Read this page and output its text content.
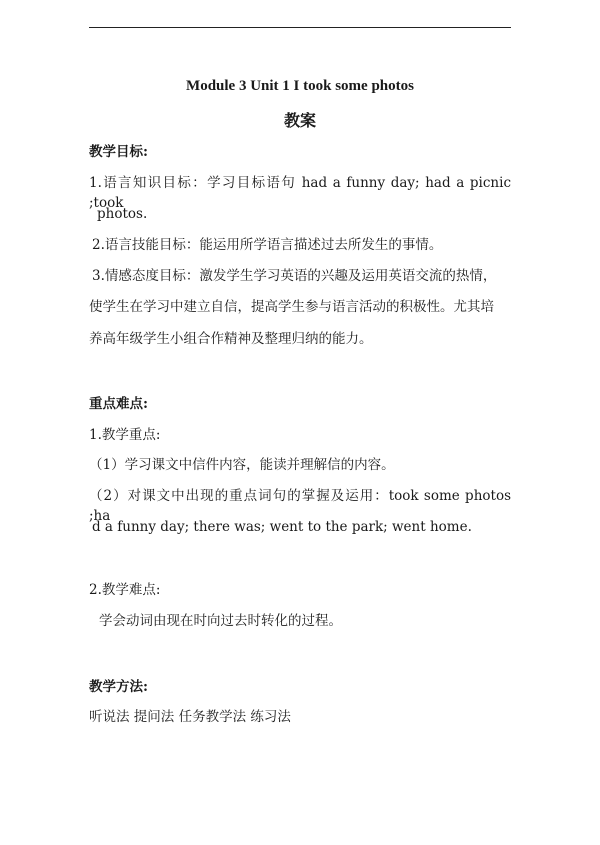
Module 3 Unit 1 I took some photos
教案
教学目标:
1.语言知识目标：学习目标语句 had a funny day; had a picnic ;took
photos.
2.语言技能目标：能运用所学语言描述过去所发生的事情。
3.情感态度目标：激发学生学习英语的兴趣及运用英语交流的热情，
使学生在学习中建立自信，提高学生参与语言活动的积极性。尤其培
养高年级学生小组合作精神及整理归纳的能力。
重点难点:
1.教学重点:
（1）学习课文中信件内容，能读并理解信的内容。
（2）对课文中出现的重点词句的掌握及运用：took some photos ;ha
d a funny day; there was; went to the park; went home.
2.教学难点:
学会动词由现在时向过去时转化的过程。
教学方法:
听说法 提问法 任务教学法 练习法
